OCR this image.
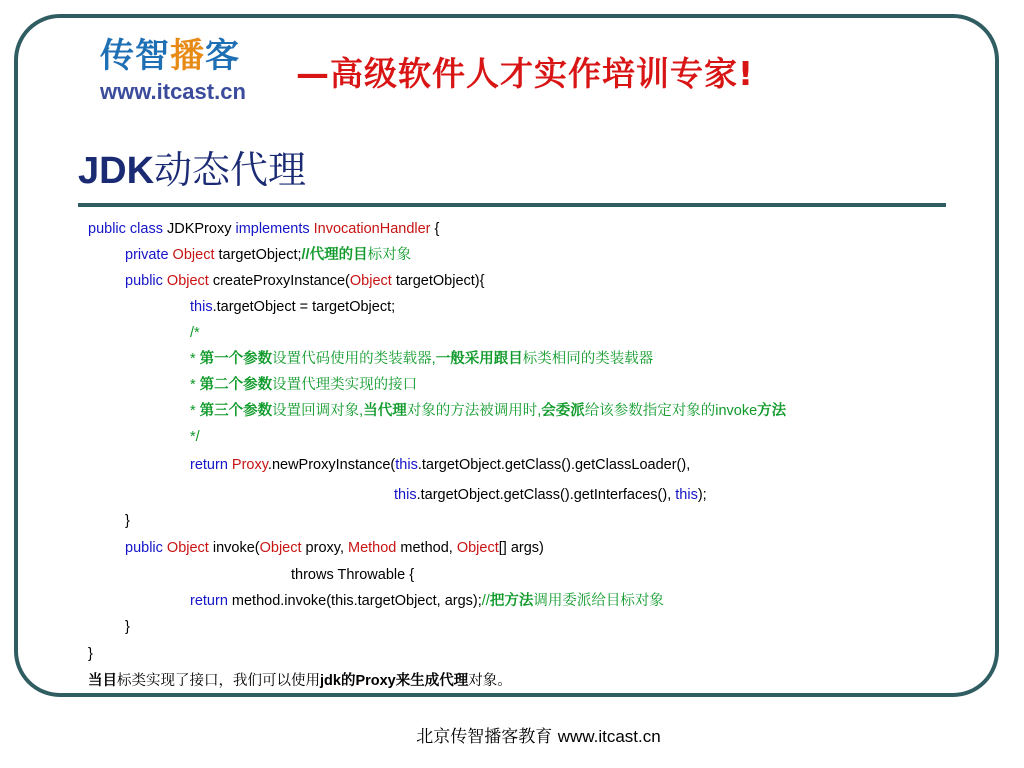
传智播客
www.itcast.cn	—高级软件人才实作培训专家!
JDK动态代理
public class JDKProxy implements InvocationHandler {
private Object targetObject;//代理的目标对象
public Object createProxyInstance(Object targetObject){
this.targetObject = targetObject;
/*
* 第一个参数设置代码使用的类装载器,一般采用跟目标类相同的类装载器
* 第二个参数设置代理类实现的接口
* 第三个参数设置回调对象,当代理对象的方法被调用时,会委派给该参数指定对象的invoke方法
*/
return Proxy.newProxyInstance(this.targetObject.getClass().getClassLoader(),
this.targetObject.getClass().getInterfaces(), this);
}
public Object invoke(Object proxy, Method method, Object[] args)
throws Throwable {
return method.invoke(this.targetObject, args);//把方法调用委派给目标对象
}
}
当目标类实现了接口，我们可以使用jdk的Proxy来生成代理对象。
北京传智播客教育 www.itcast.cn
